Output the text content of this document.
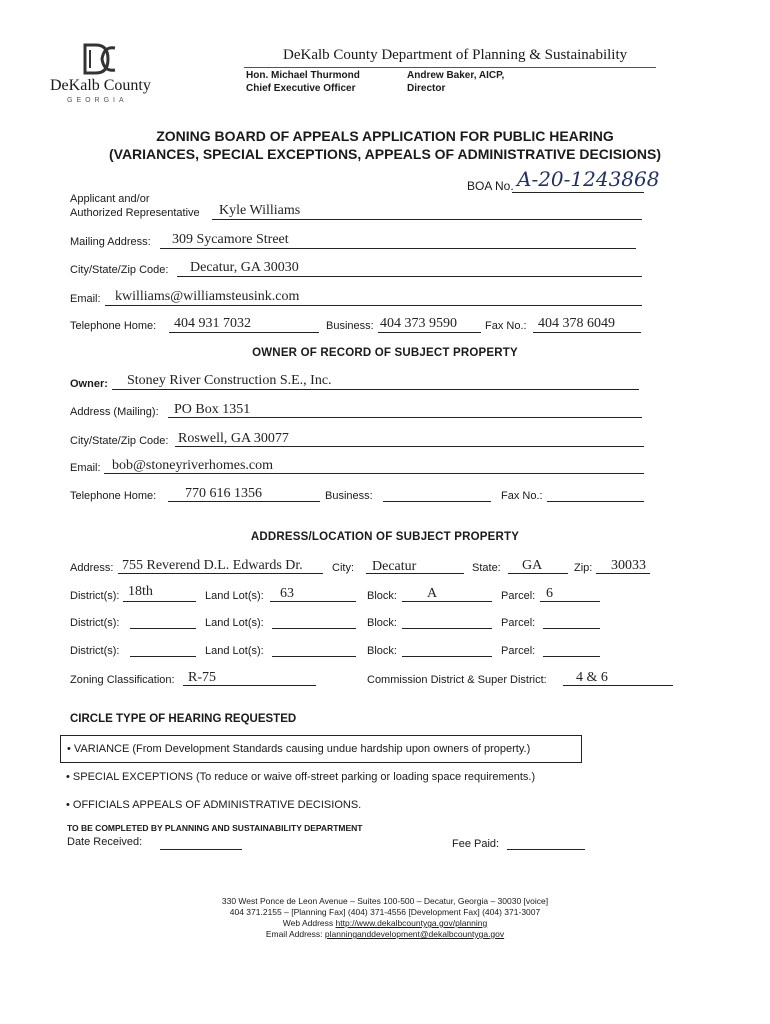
DeKalb County
GEORGIA
DeKalb County Department of Planning & Sustainability
Hon. Michael Thurmond
Chief Executive Officer
Andrew Baker, AICP,
Director
ZONING BOARD OF APPEALS APPLICATION FOR PUBLIC HEARING
(VARIANCES, SPECIAL EXCEPTIONS, APPEALS OF ADMINISTRATIVE DECISIONS)
BOA No. A-20-1243868
Applicant and/or
Authorized Representative Kyle Williams
Mailing Address: 309 Sycamore Street
City/State/Zip Code: Decatur, GA 30030
Email: kwilliams@williamsteusink.com
Telephone Home: 404 931 7032	Business: 404 373 9590	Fax No.: 404 378 6049
OWNER OF RECORD OF SUBJECT PROPERTY
Owner: Stoney River Construction S.E., Inc.
Address (Mailing): PO Box 1351
City/State/Zip Code: Roswell, GA 30077
Email: bob@stoneyriverhomes.com
Telephone Home: 770 616 1356	Business:	Fax No.:
ADDRESS/LOCATION OF SUBJECT PROPERTY
Address: 755 Reverend D.L. Edwards Dr.	City: Decatur	State: GA	Zip: 30033
District(s): 18th	Land Lot(s): 63	Block: A	Parcel: 6
District(s):	Land Lot(s):	Block:	Parcel:
District(s):	Land Lot(s):	Block:	Parcel:
Zoning Classification: R-75	Commission District & Super District: 4 & 6
CIRCLE TYPE OF HEARING REQUESTED
• VARIANCE (From Development Standards causing undue hardship upon owners of property.)
• SPECIAL EXCEPTIONS (To reduce or waive off-street parking or loading space requirements.)
• OFFICIALS APPEALS OF ADMINISTRATIVE DECISIONS.
TO BE COMPLETED BY PLANNING AND SUSTAINABILITY DEPARTMENT
Date Received:	Fee Paid:
330 West Ponce de Leon Avenue – Suites 100-500 – Decatur, Georgia – 30030 [voice]
404 371.2155 – [Planning Fax] (404) 371-4556 [Development Fax] (404) 371-3007
Web Address http://www.dekalbcountyga.gov/planning
Email Address: planninganddevelopment@dekalbcountyga.gov
